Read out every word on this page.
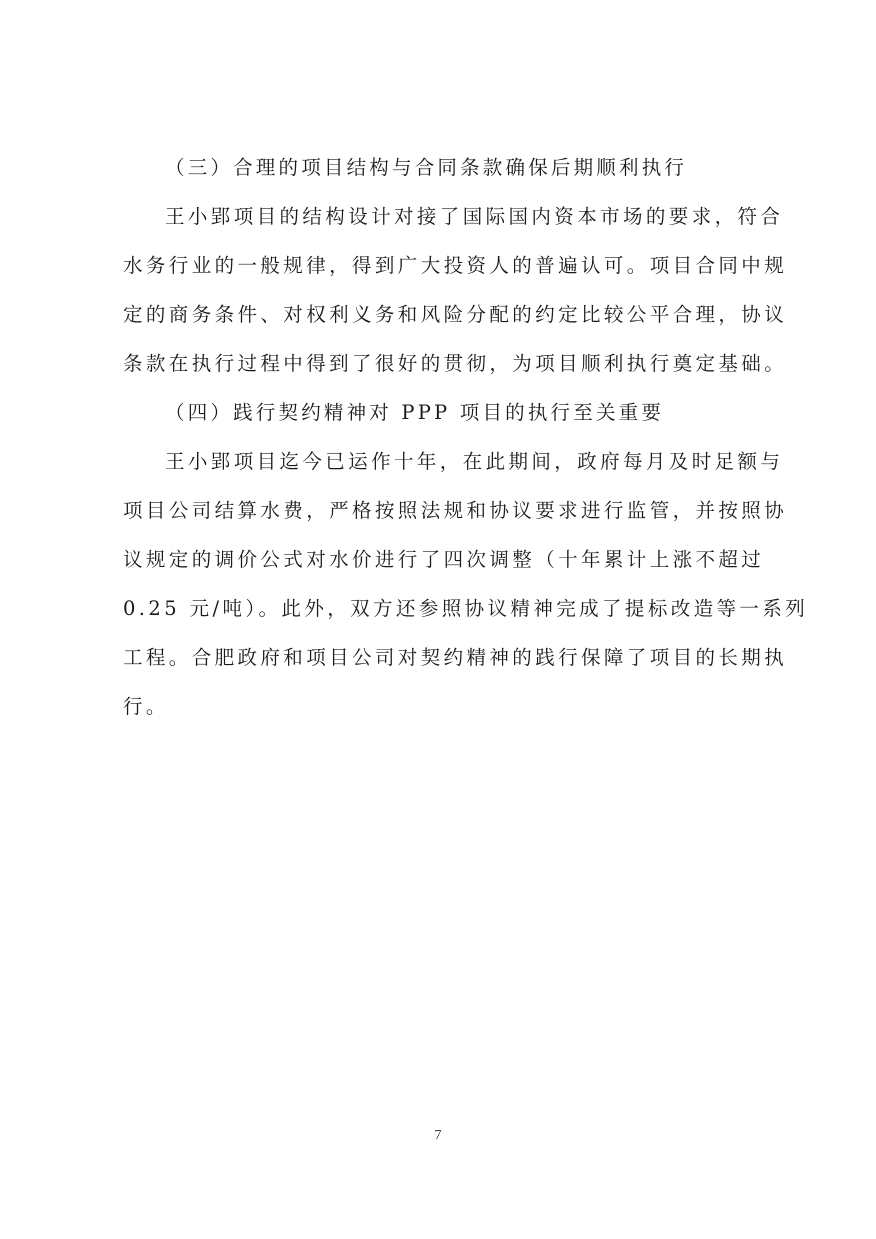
（三）合理的项目结构与合同条款确保后期顺利执行
王小郢项目的结构设计对接了国际国内资本市场的要求，符合
水务行业的一般规律，得到广大投资人的普遍认可。项目合同中规
定的商务条件、对权利义务和风险分配的约定比较公平合理，协议
条款在执行过程中得到了很好的贯彻，为项目顺利执行奠定基础。
（四）践行契约精神对 PPP 项目的执行至关重要
王小郢项目迄今已运作十年，在此期间，政府每月及时足额与
项目公司结算水费，严格按照法规和协议要求进行监管，并按照协
议规定的调价公式对水价进行了四次调整（十年累计上涨不超过
0.25 元/吨）。此外，双方还参照协议精神完成了提标改造等一系列
工程。合肥政府和项目公司对契约精神的践行保障了项目的长期执
行。
7
